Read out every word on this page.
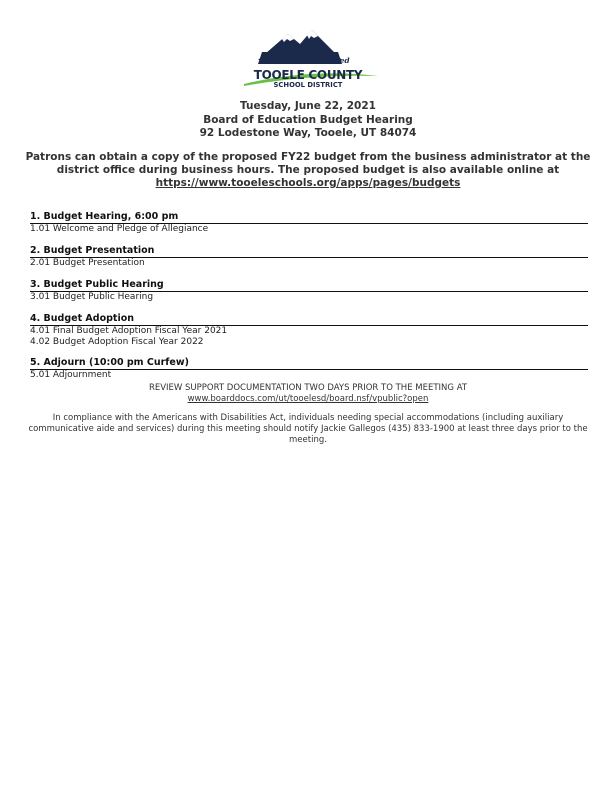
Education Elevated
TOOELE COUNTY
SCHOOL DISTRICT
Tuesday, June 22, 2021
Board of Education Budget Hearing
92 Lodestone Way, Tooele, UT 84074
Patrons can obtain a copy of the proposed FY22 budget from the business administrator at the district office during business hours. The proposed budget is also available online at
https://www.tooeleschools.org/apps/pages/budgets
1. Budget Hearing, 6:00 pm
1.01 Welcome and Pledge of Allegiance
2. Budget Presentation
2.01 Budget Presentation
3. Budget Public Hearing
3.01 Budget Public Hearing
4. Budget Adoption
4.01 Final Budget Adoption Fiscal Year 2021
4.02 Budget Adoption Fiscal Year 2022
5. Adjourn (10:00 pm Curfew)
5.01 Adjournment
REVIEW SUPPORT DOCUMENTATION TWO DAYS PRIOR TO THE MEETING AT
www.boarddocs.com/ut/tooelesd/board.nsf/vpublic?open
In compliance with the Americans with Disabilities Act, individuals needing special accommodations (including auxiliary communicative aide and services) during this meeting should notify Jackie Gallegos (435) 833-1900 at least three days prior to the meeting.
